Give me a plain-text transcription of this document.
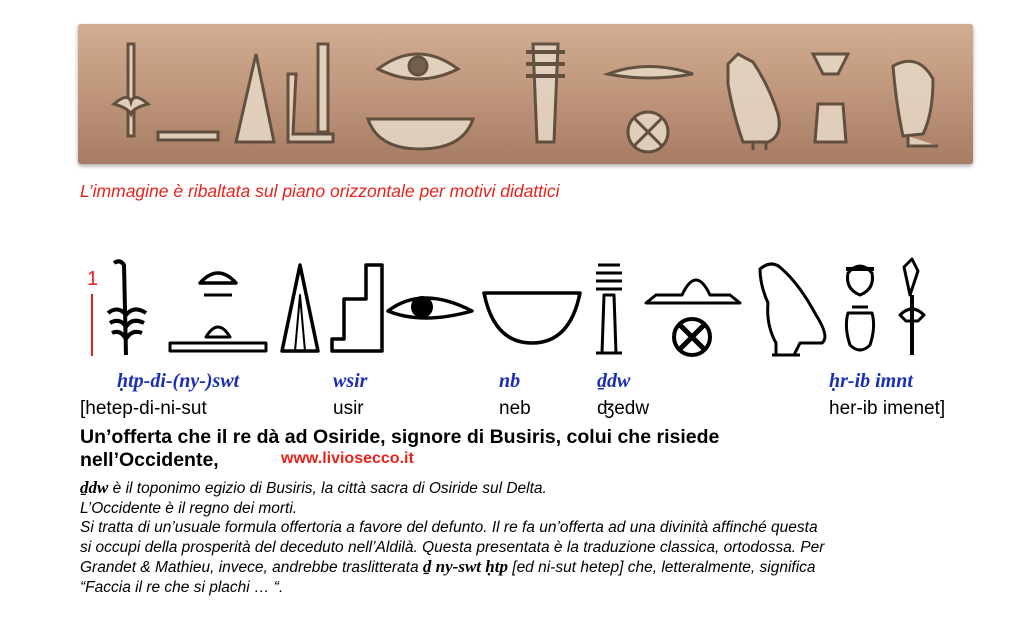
L’immagine è ribaltata sul piano orizzontale per motivi didattici
1
ḥtp-di-(ny-)swt	wsir	nb	ḏdw	ḥr-ib imnt
[hetep-di-ni-sut	usir	neb	ʤedw	her-ib imenet]
Un’offerta che il re dà ad Osiride, signore di Busiris, colui che risiede
nell’Occidente,	www.liviosecco.it

ḏdw è il toponimo egizio di Busiris, la città sacra di Osiride sul Delta.

L’Occidente è il regno dei morti.

Si tratta di un’usuale formula offertoria a favore del defunto. Il re fa un’offerta ad una divinità affinché questa

si occupi della prosperità del deceduto nell’Aldilà. Questa presentata è la traduzione classica, ortodossa. Per

Grandet & Mathieu, invece, andrebbe traslitterata ḏ ny-swt ḥtp [ed ni-sut hetep] che, letteralmente, significa

“Faccia il re che si plachi … “.
